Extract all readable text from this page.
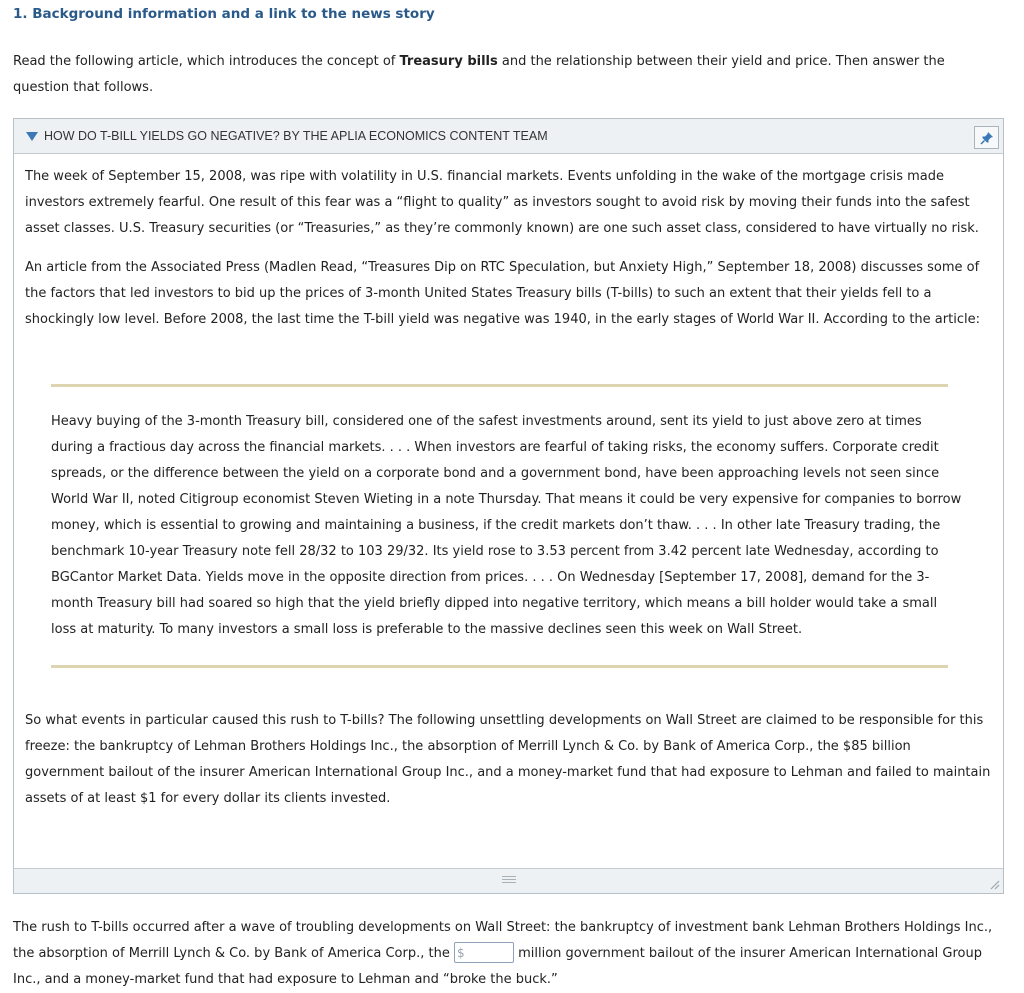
1. Background information and a link to the news story
Read the following article, which introduces the concept of Treasury bills and the relationship between their yield and price. Then answer the question that follows.
HOW DO T-BILL YIELDS GO NEGATIVE? BY THE APLIA ECONOMICS CONTENT TEAM

The week of September 15, 2008, was ripe with volatility in U.S. financial markets. Events unfolding in the wake of the mortgage crisis made investors extremely fearful. One result of this fear was a “flight to quality” as investors sought to avoid risk by moving their funds into the safest asset classes. U.S. Treasury securities (or “Treasuries,” as they’re commonly known) are one such asset class, considered to have virtually no risk.

An article from the Associated Press (Madlen Read, “Treasures Dip on RTC Speculation, but Anxiety High,” September 18, 2008) discusses some of the factors that led investors to bid up the prices of 3-month United States Treasury bills (T-bills) to such an extent that their yields fell to a shockingly low level. Before 2008, the last time the T-bill yield was negative was 1940, in the early stages of World War II. According to the article:

Heavy buying of the 3-month Treasury bill, considered one of the safest investments around, sent its yield to just above zero at times during a fractious day across the financial markets. . . . When investors are fearful of taking risks, the economy suffers. Corporate credit spreads, or the difference between the yield on a corporate bond and a government bond, have been approaching levels not seen since World War II, noted Citigroup economist Steven Wieting in a note Thursday. That means it could be very expensive for companies to borrow money, which is essential to growing and maintaining a business, if the credit markets don’t thaw. . . . In other late Treasury trading, the benchmark 10-year Treasury note fell 28/32 to 103 29/32. Its yield rose to 3.53 percent from 3.42 percent late Wednesday, according to BGCantor Market Data. Yields move in the opposite direction from prices. . . . On Wednesday [September 17, 2008], demand for the 3-month Treasury bill had soared so high that the yield briefly dipped into negative territory, which means a bill holder would take a small loss at maturity. To many investors a small loss is preferable to the massive declines seen this week on Wall Street.

So what events in particular caused this rush to T-bills? The following unsettling developments on Wall Street are claimed to be responsible for this freeze: the bankruptcy of Lehman Brothers Holdings Inc., the absorption of Merrill Lynch & Co. by Bank of America Corp., the $85 billion government bailout of the insurer American International Group Inc., and a money-market fund that had exposure to Lehman and failed to maintain assets of at least $1 for every dollar its clients invested.

The rush to T-bills occurred after a wave of troubling developments on Wall Street: the bankruptcy of investment bank Lehman Brothers Holdings Inc., the absorption of Merrill Lynch & Co. by Bank of America Corp., the $	million government bailout of the insurer American International Group Inc., and a money-market fund that had exposure to Lehman and “broke the buck.”
